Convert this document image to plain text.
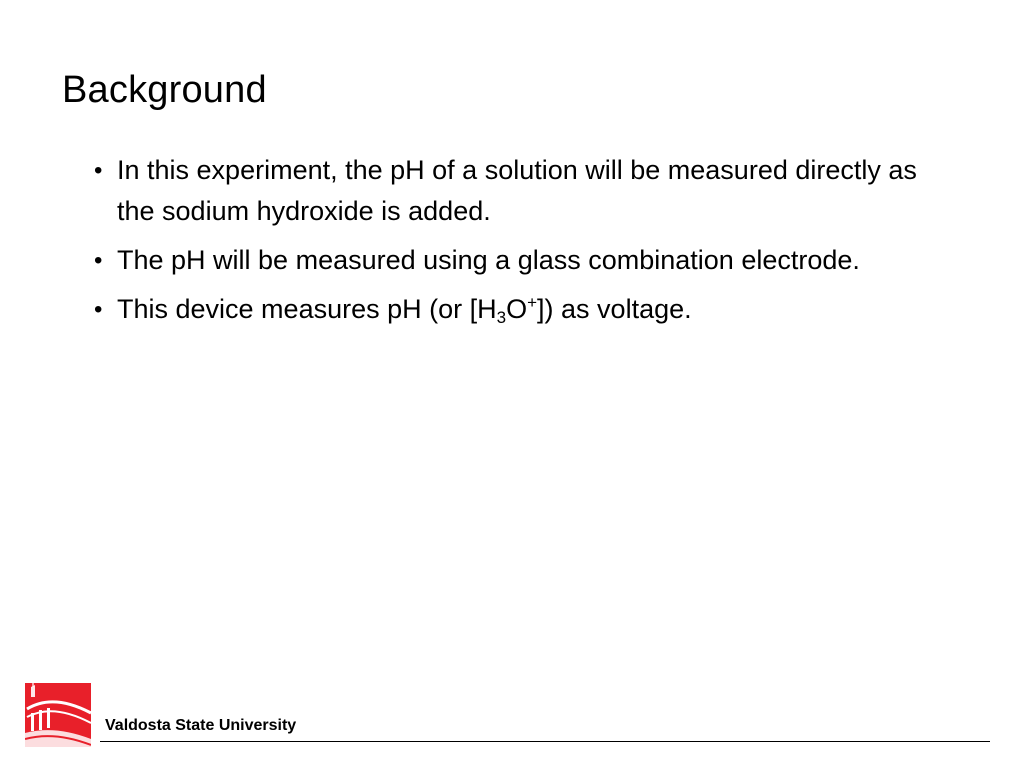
Background
• In this experiment, the pH of a solution will be measured directly as the sodium hydroxide is added.
• The pH will be measured using a glass combination electrode.
• This device measures pH (or $[H_3O^+]$) as voltage.
Valdosta State University
